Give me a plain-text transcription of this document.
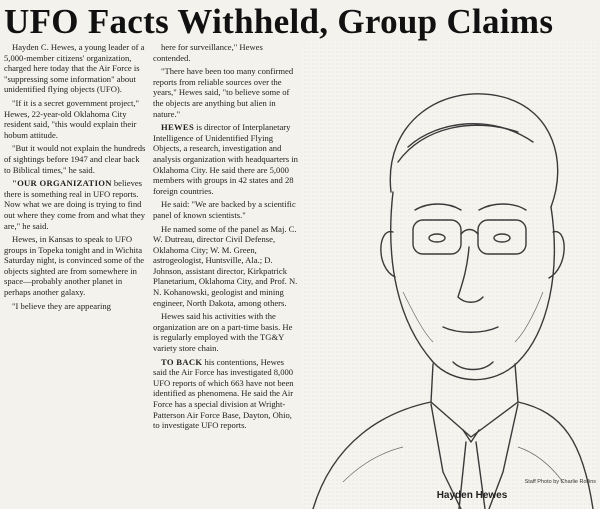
UFO Facts Withheld, Group Claims

Hayden C. Hewes, a young leader of a 5,000-member citizens' organization, charged here today that the Air Force is "suppressing some information" about unidentified flying objects (UFO).

"If it is a secret government project," Hewes, 22-year-old Oklahoma City resident said, "this would explain their hobum attitude.

"But it would not explain the hundreds of sightings before 1947 and clear back to Biblical times," he said.

"OUR ORGANIZATION believes there is something real in UFO reports. Now what we are doing is trying to find out where they come from and what they are," he said.

Hewes, in Kansas to speak to UFO groups in Topeka tonight and in Wichita Saturday night, is convinced some of the objects sighted are from somewhere in space—probably another planet in perhaps another galaxy.

"I believe they are appearing

here for surveillance," Hewes contended.

"There have been too many confirmed reports from reliable sources over the years," Hewes said, "to believe some of the objects are anything but alien in nature."

HEWES is director of Interplanetary Intelligence of Unidentified Flying Objects, a research, investigation and analysis organization with headquarters in Oklahoma City. He said there are 5,000 members with groups in 42 states and 28 foreign countries.

He said: "We are backed by a scientific panel of known scientists."

He named some of the panel as Maj. C. W. Dutreau, director Civil Defense, Oklahoma City; W. M. Green, astrogeologist, Huntsville, Ala.; D. Johnson, assistant director, Kirkpatrick Planetarium, Oklahoma City, and Prof. N. N. Kohanowski, geologist and mining engineer, North Dakota, among others.

Hewes said his activities with the organization are on a part-time basis. He is regularly employed with the TG&Y variety store chain.

TO BACK his contentions, Hewes said the Air Force has investigated 8,000 UFO reports of which 663 have not been identified as phenomena. He said the Air Force has a special division at Wright-Patterson Air Force Base, Dayton, Ohio, to investigate UFO reports.

Staff Photo by Charlie Rollins
Hayden Hewes
